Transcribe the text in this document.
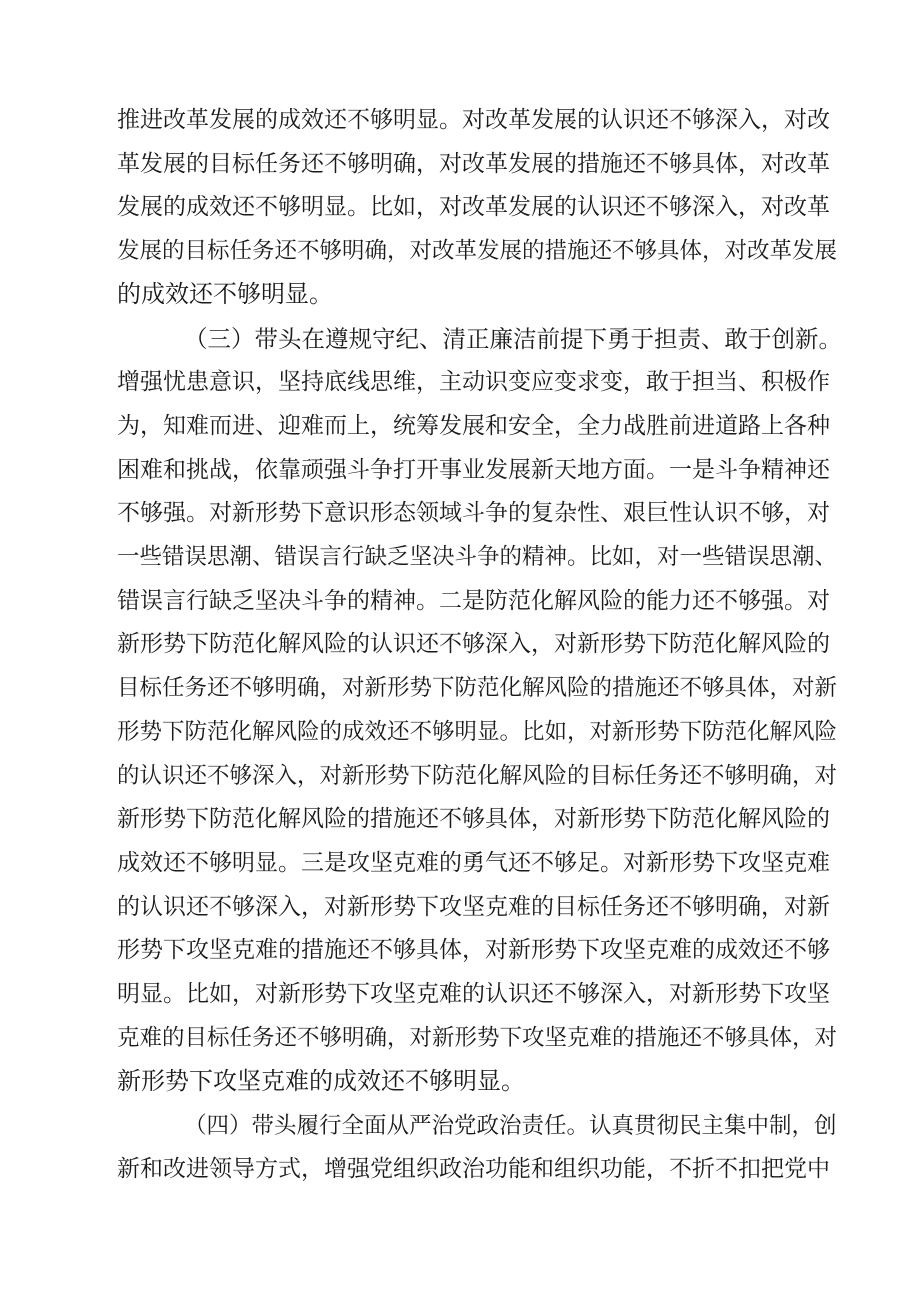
推进改革发展的成效还不够明显。对改革发展的认识还不够深入，对改
革发展的目标任务还不够明确，对改革发展的措施还不够具体，对改革
发展的成效还不够明显。比如，对改革发展的认识还不够深入，对改革
发展的目标任务还不够明确，对改革发展的措施还不够具体，对改革发展
的成效还不够明显。
（三）带头在遵规守纪、清正廉洁前提下勇于担责、敢于创新。
增强忧患意识，坚持底线思维，主动识变应变求变，敢于担当、积极作
为，知难而进、迎难而上，统筹发展和安全，全力战胜前进道路上各种
困难和挑战，依靠顽强斗争打开事业发展新天地方面。一是斗争精神还
不够强。对新形势下意识形态领域斗争的复杂性、艰巨性认识不够，对
一些错误思潮、错误言行缺乏坚决斗争的精神。比如，对一些错误思潮、
错误言行缺乏坚决斗争的精神。二是防范化解风险的能力还不够强。对
新形势下防范化解风险的认识还不够深入，对新形势下防范化解风险的
目标任务还不够明确，对新形势下防范化解风险的措施还不够具体，对新
形势下防范化解风险的成效还不够明显。比如，对新形势下防范化解风险
的认识还不够深入，对新形势下防范化解风险的目标任务还不够明确，对
新形势下防范化解风险的措施还不够具体，对新形势下防范化解风险的
成效还不够明显。三是攻坚克难的勇气还不够足。对新形势下攻坚克难
的认识还不够深入，对新形势下攻坚克难的目标任务还不够明确，对新
形势下攻坚克难的措施还不够具体，对新形势下攻坚克难的成效还不够
明显。比如，对新形势下攻坚克难的认识还不够深入，对新形势下攻坚
克难的目标任务还不够明确，对新形势下攻坚克难的措施还不够具体，对
新形势下攻坚克难的成效还不够明显。
（四）带头履行全面从严治党政治责任。认真贯彻民主集中制，创
新和改进领导方式，增强党组织政治功能和组织功能，不折不扣把党中
